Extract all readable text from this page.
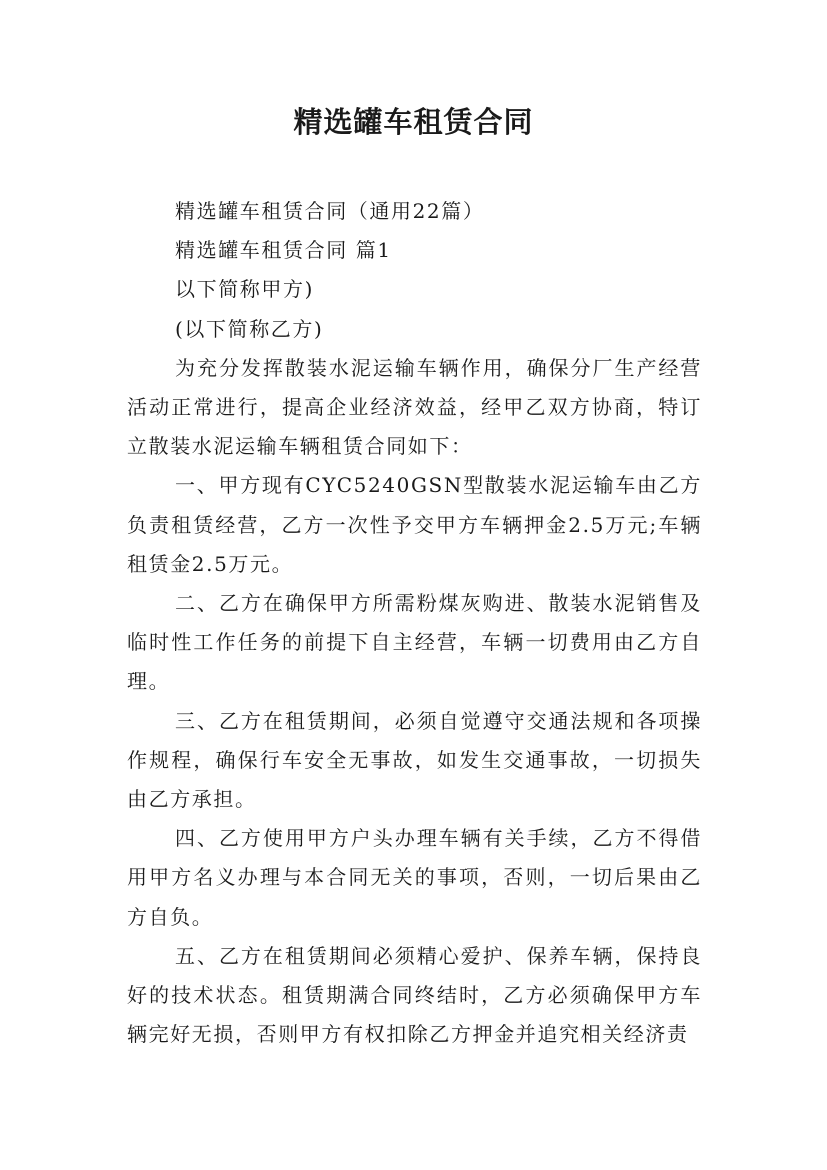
精选罐车租赁合同

精选罐车租赁合同（通用22篇）

精选罐车租赁合同 篇1

以下简称甲方)

(以下简称乙方)

为充分发挥散装水泥运输车辆作用，确保分厂生产经营活动正常进行，提高企业经济效益，经甲乙双方协商，特订立散装水泥运输车辆租赁合同如下：

一、甲方现有CYC5240GSN型散装水泥运输车由乙方负责租赁经营，乙方一次性予交甲方车辆押金2.5万元;车辆租赁金2.5万元。

二、乙方在确保甲方所需粉煤灰购进、散装水泥销售及临时性工作任务的前提下自主经营，车辆一切费用由乙方自理。

三、乙方在租赁期间，必须自觉遵守交通法规和各项操作规程，确保行车安全无事故，如发生交通事故，一切损失由乙方承担。

四、乙方使用甲方户头办理车辆有关手续，乙方不得借用甲方名义办理与本合同无关的事项，否则，一切后果由乙方自负。

五、乙方在租赁期间必须精心爱护、保养车辆，保持良好的技术状态。租赁期满合同终结时，乙方必须确保甲方车辆完好无损，否则甲方有权扣除乙方押金并追究相关经济责
